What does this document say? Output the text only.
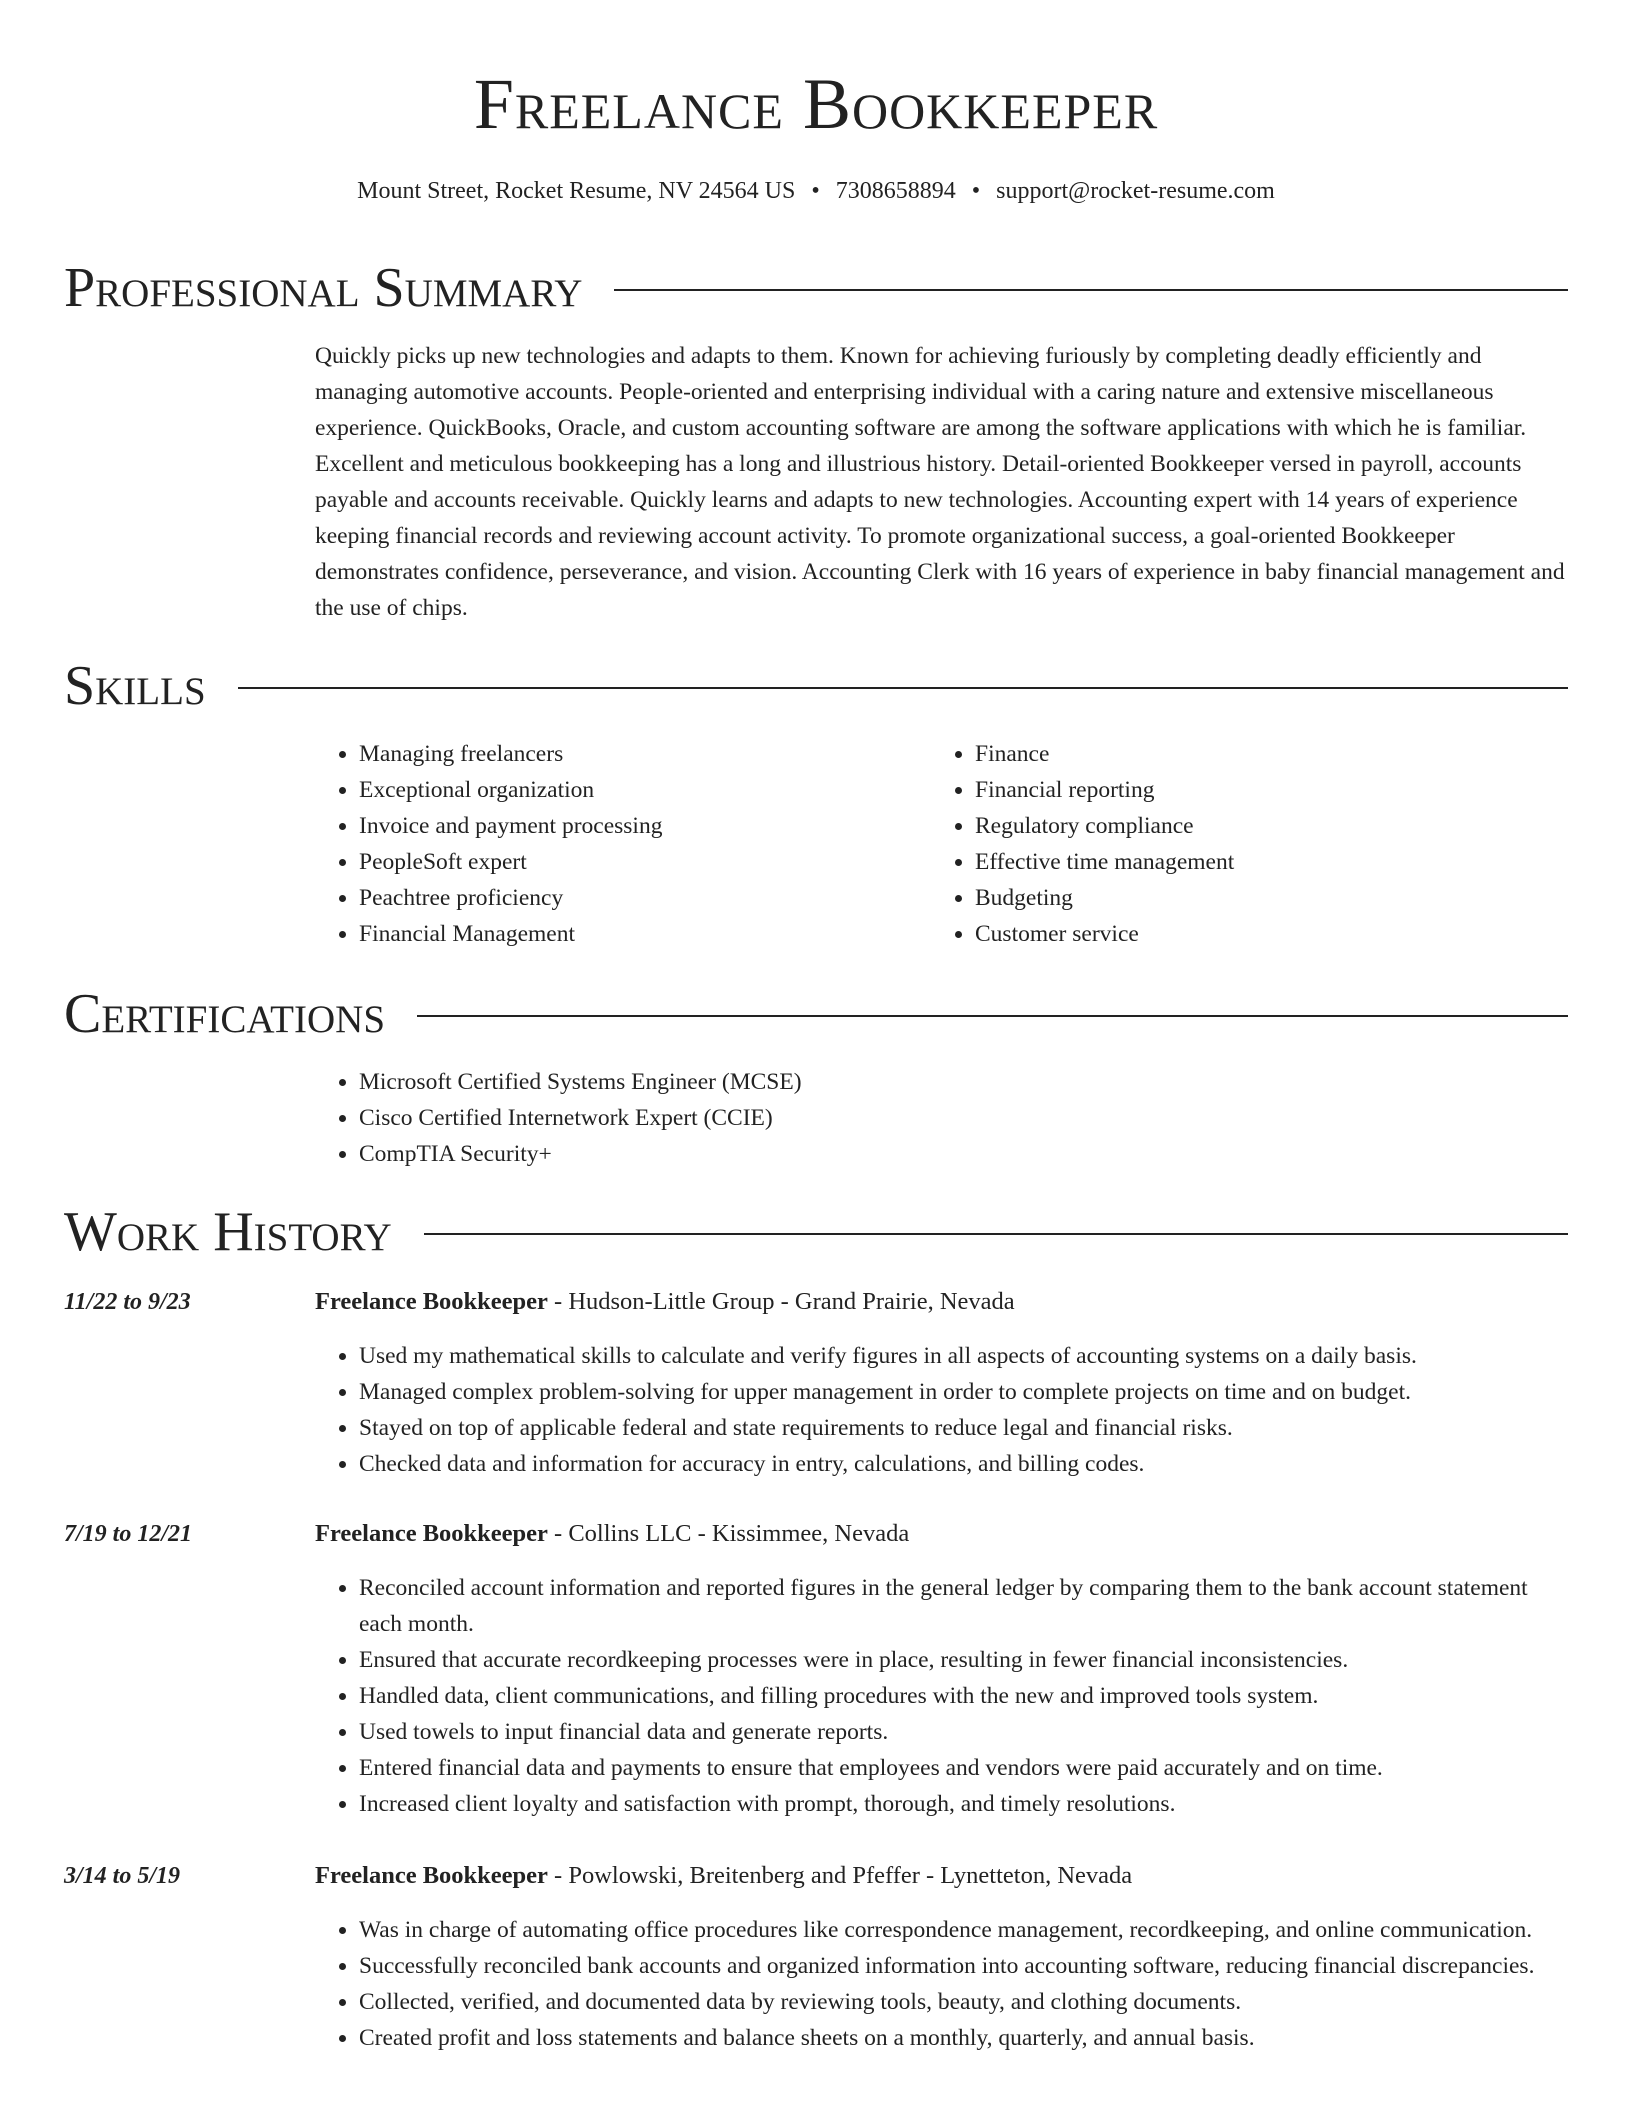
Freelance Bookkeeper
Mount Street, Rocket Resume, NV 24564 US • 7308658894 • support@rocket-resume.com
Professional Summary

Quickly picks up new technologies and adapts to them. Known for achieving furiously by completing deadly efficiently and managing automotive accounts. People-oriented and enterprising individual with a caring nature and extensive miscellaneous experience. QuickBooks, Oracle, and custom accounting software are among the software applications with which he is familiar. Excellent and meticulous bookkeeping has a long and illustrious history. Detail-oriented Bookkeeper versed in payroll, accounts payable and accounts receivable. Quickly learns and adapts to new technologies. Accounting expert with 14 years of experience keeping financial records and reviewing account activity. To promote organizational success, a goal-oriented Bookkeeper demonstrates confidence, perseverance, and vision. Accounting Clerk with 16 years of experience in baby financial management and the use of chips.

Skills
• Managing freelancers
• Exceptional organization
• Invoice and payment processing
• PeopleSoft expert
• Peachtree proficiency
• Financial Management
• Finance
• Financial reporting
• Regulatory compliance
• Effective time management
• Budgeting
• Customer service
Certifications
• Microsoft Certified Systems Engineer (MCSE)
• Cisco Certified Internetwork Expert (CCIE)
• CompTIA Security+
Work History
11/22 to 9/23	Freelance Bookkeeper - Hudson-Little Group - Grand Prairie, Nevada
• Used my mathematical skills to calculate and verify figures in all aspects of accounting systems on a daily basis.
• Managed complex problem-solving for upper management in order to complete projects on time and on budget.
• Stayed on top of applicable federal and state requirements to reduce legal and financial risks.
• Checked data and information for accuracy in entry, calculations, and billing codes.
7/19 to 12/21	Freelance Bookkeeper - Collins LLC - Kissimmee, Nevada
• Reconciled account information and reported figures in the general ledger by comparing them to the bank account statement each month.
• Ensured that accurate recordkeeping processes were in place, resulting in fewer financial inconsistencies.
• Handled data, client communications, and filling procedures with the new and improved tools system.
• Used towels to input financial data and generate reports.
• Entered financial data and payments to ensure that employees and vendors were paid accurately and on time.
• Increased client loyalty and satisfaction with prompt, thorough, and timely resolutions.
3/14 to 5/19	Freelance Bookkeeper - Powlowski, Breitenberg and Pfeffer - Lynetteton, Nevada
• Was in charge of automating office procedures like correspondence management, recordkeeping, and online communication.
• Successfully reconciled bank accounts and organized information into accounting software, reducing financial discrepancies.
• Collected, verified, and documented data by reviewing tools, beauty, and clothing documents.
• Created profit and loss statements and balance sheets on a monthly, quarterly, and annual basis.
